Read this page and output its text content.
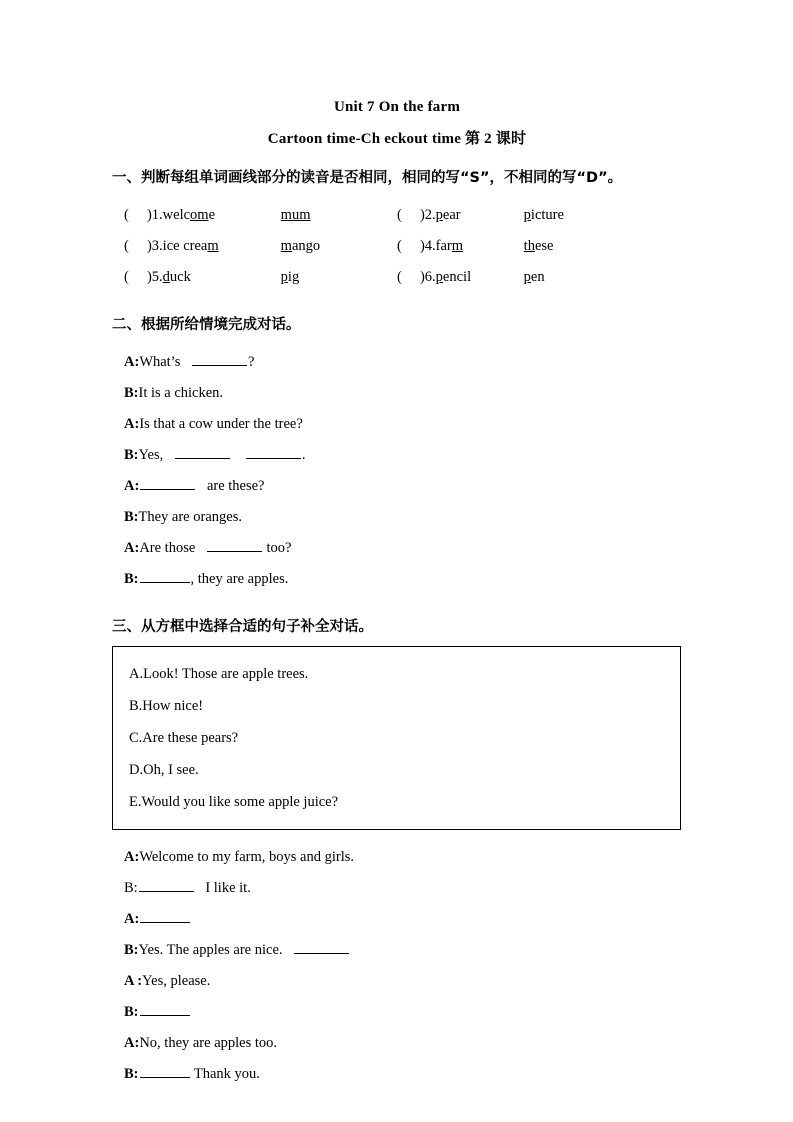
Unit 7 On the farm
Cartoon time-Ch eckout time 第 2 课时
一、判断每组单词画线部分的读音是否相同，相同的写“S”，不相同的写“D”。
(     ) 1. welcome	mum	(     ) 2. pear	picture
(     ) 3. ice cream	mango	(     ) 4. farm	these
(     ) 5. duck	pig	(     ) 6. pencil	pen
二、根据所给情境完成对话。
A:What’s	?
B:It is a chicken.
A:Is that a cow under the tree?
B:Yes,	.
A:	are these?
B:They are oranges.
A:Are those	too?
B:	, they are apples.
三、从方框中选择合适的句子补全对话。
A.Look! Those are apple trees.
B.How nice!
C.Are these pears?
D.Oh, I see.
E.Would you like some apple juice?
A:Welcome to my farm, boys and girls.
B:	I like it.
A:
B:Yes. The apples are nice.
A :Yes, please.
B:
A:No, they are apples too.
B:	Thank you.
